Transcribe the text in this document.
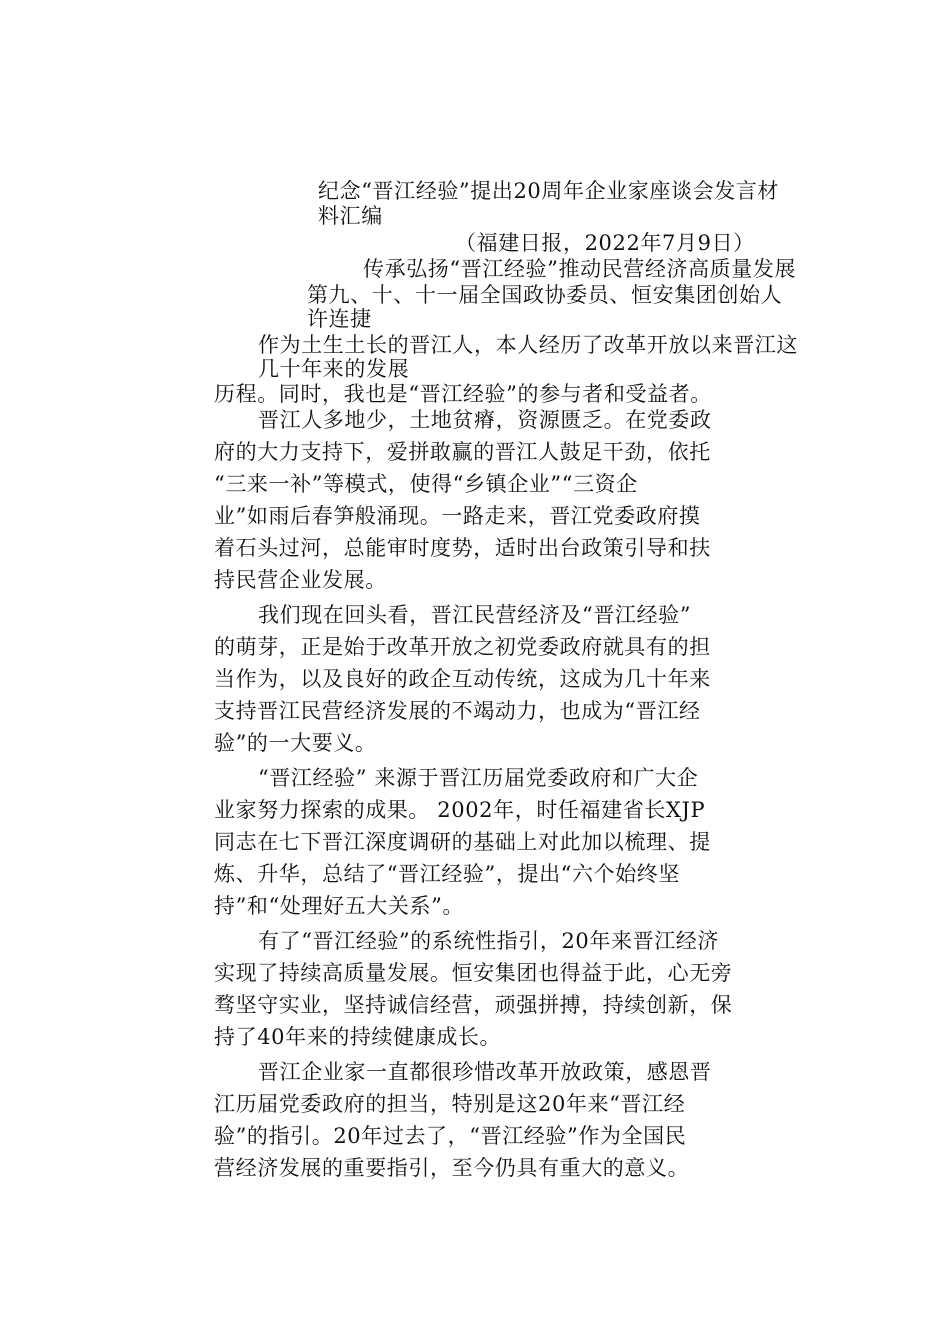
纪念“晋江经验”提出20周年企业家座谈会发言材
料汇编
（福建日报，2022年7月9日）
传承弘扬“晋江经验”推动民营经济高质量发展
第九、十、十一届全国政协委员、恒安集团创始人
许连捷
作为土生土长的晋江人，本人经历了改革开放以来晋江这
几十年来的发展
历程。同时，我也是“晋江经验”的参与者和受益者。
晋江人多地少，土地贫瘠，资源匮乏。在党委政
府的大力支持下，爱拼敢赢的晋江人鼓足干劲，依托
“三来一补”等模式，使得“乡镇企业”“三资企
业”如雨后春笋般涌现。一路走来，晋江党委政府摸
着石头过河，总能审时度势，适时出台政策引导和扶
持民营企业发展。
我们现在回头看，晋江民营经济及“晋江经验”
的萌芽，正是始于改革开放之初党委政府就具有的担
当作为，以及良好的政企互动传统，这成为几十年来
支持晋江民营经济发展的不竭动力，也成为“晋江经
验”的一大要义。
“晋江经验” 来源于晋江历届党委政府和广大企
业家努力探索的成果。 2002年，时任福建省长XJP
同志在七下晋江深度调研的基础上对此加以梳理、提
炼、升华，总结了“晋江经验”，提出“六个始终坚
持”和“处理好五大关系”。
有了“晋江经验”的系统性指引，20年来晋江经济
实现了持续高质量发展。恒安集团也得益于此，心无旁
骛坚守实业，坚持诚信经营，顽强拼搏，持续创新，保
持了40年来的持续健康成长。
晋江企业家一直都很珍惜改革开放政策，感恩晋
江历届党委政府的担当，特别是这20年来“晋江经
验”的指引。20年过去了，“晋江经验”作为全国民
营经济发展的重要指引，至今仍具有重大的意义。
